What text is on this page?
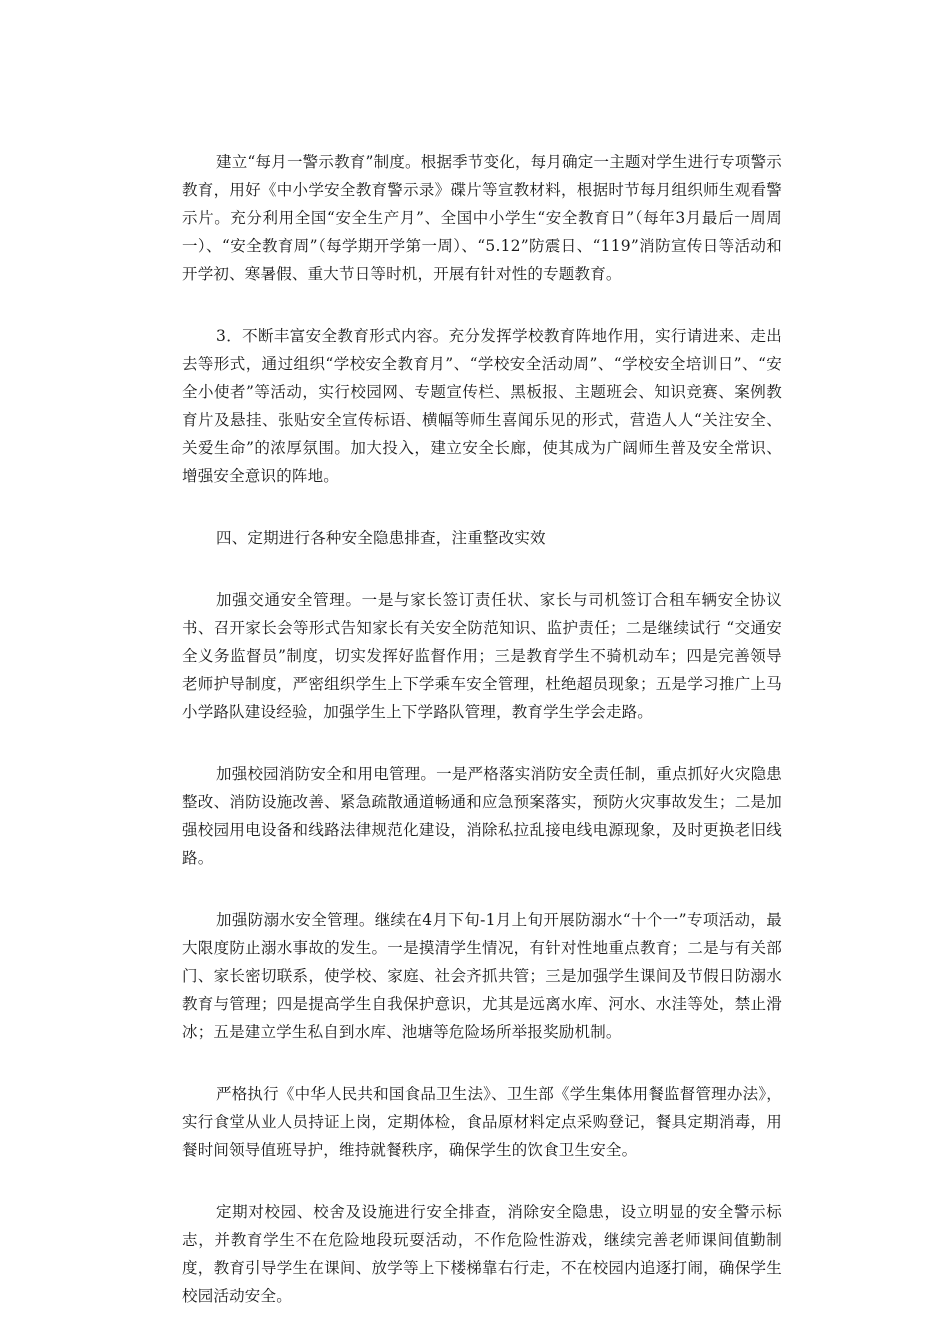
建立“每月一警示教育”制度。根据季节变化，每月确定一主题对学生进行专项警示教育，用好《中小学安全教育警示录》碟片等宣教材料，根据时节每月组织师生观看警示片。充分利用全国“安全生产月”、全国中小学生“安全教育日”（每年3月最后一周周一）、“安全教育周”（每学期开学第一周）、“5.12”防震日、“119”消防宣传日等活动和开学初、寒暑假、重大节日等时机，开展有针对性的专题教育。

3．不断丰富安全教育形式内容。充分发挥学校教育阵地作用，实行请进来、走出去等形式，通过组织“学校安全教育月”、“学校安全活动周”、“学校安全培训日”、“安全小使者”等活动，实行校园网、专题宣传栏、黑板报、主题班会、知识竞赛、案例教育片及悬挂、张贴安全宣传标语、横幅等师生喜闻乐见的形式，营造人人“关注安全、关爱生命”的浓厚氛围。加大投入，建立安全长廊，使其成为广阔师生普及安全常识、增强安全意识的阵地。

四、定期进行各种安全隐患排查，注重整改实效

加强交通安全管理。一是与家长签订责任状、家长与司机签订合租车辆安全协议书、召开家长会等形式告知家长有关安全防范知识、监护责任；二是继续试行 “交通安全义务监督员”制度，切实发挥好监督作用；三是教育学生不骑机动车；四是完善领导老师护导制度，严密组织学生上下学乘车安全管理，杜绝超员现象；五是学习推广上马小学路队建设经验，加强学生上下学路队管理，教育学生学会走路。

加强校园消防安全和用电管理。一是严格落实消防安全责任制，重点抓好火灾隐患整改、消防设施改善、紧急疏散通道畅通和应急预案落实，预防火灾事故发生；二是加强校园用电设备和线路法律规范化建设，消除私拉乱接电线电源现象，及时更换老旧线路。

加强防溺水安全管理。继续在4月下旬-1月上旬开展防溺水“十个一”专项活动，最大限度防止溺水事故的发生。一是摸清学生情况，有针对性地重点教育；二是与有关部门、家长密切联系，使学校、家庭、社会齐抓共管；三是加强学生课间及节假日防溺水教育与管理；四是提高学生自我保护意识，尤其是远离水库、河水、水洼等处，禁止滑冰；五是建立学生私自到水库、池塘等危险场所举报奖励机制。

严格执行《中华人民共和国食品卫生法》、卫生部《学生集体用餐监督管理办法》，实行食堂从业人员持证上岗，定期体检，食品原材料定点采购登记，餐具定期消毒，用餐时间领导值班导护，维持就餐秩序，确保学生的饮食卫生安全。

定期对校园、校舍及设施进行安全排查，消除安全隐患，设立明显的安全警示标志，并教育学生不在危险地段玩耍活动，不作危险性游戏，继续完善老师课间值勤制度，教育引导学生在课间、放学等上下楼梯靠右行走，不在校园内追逐打闹，确保学生校园活动安全。
